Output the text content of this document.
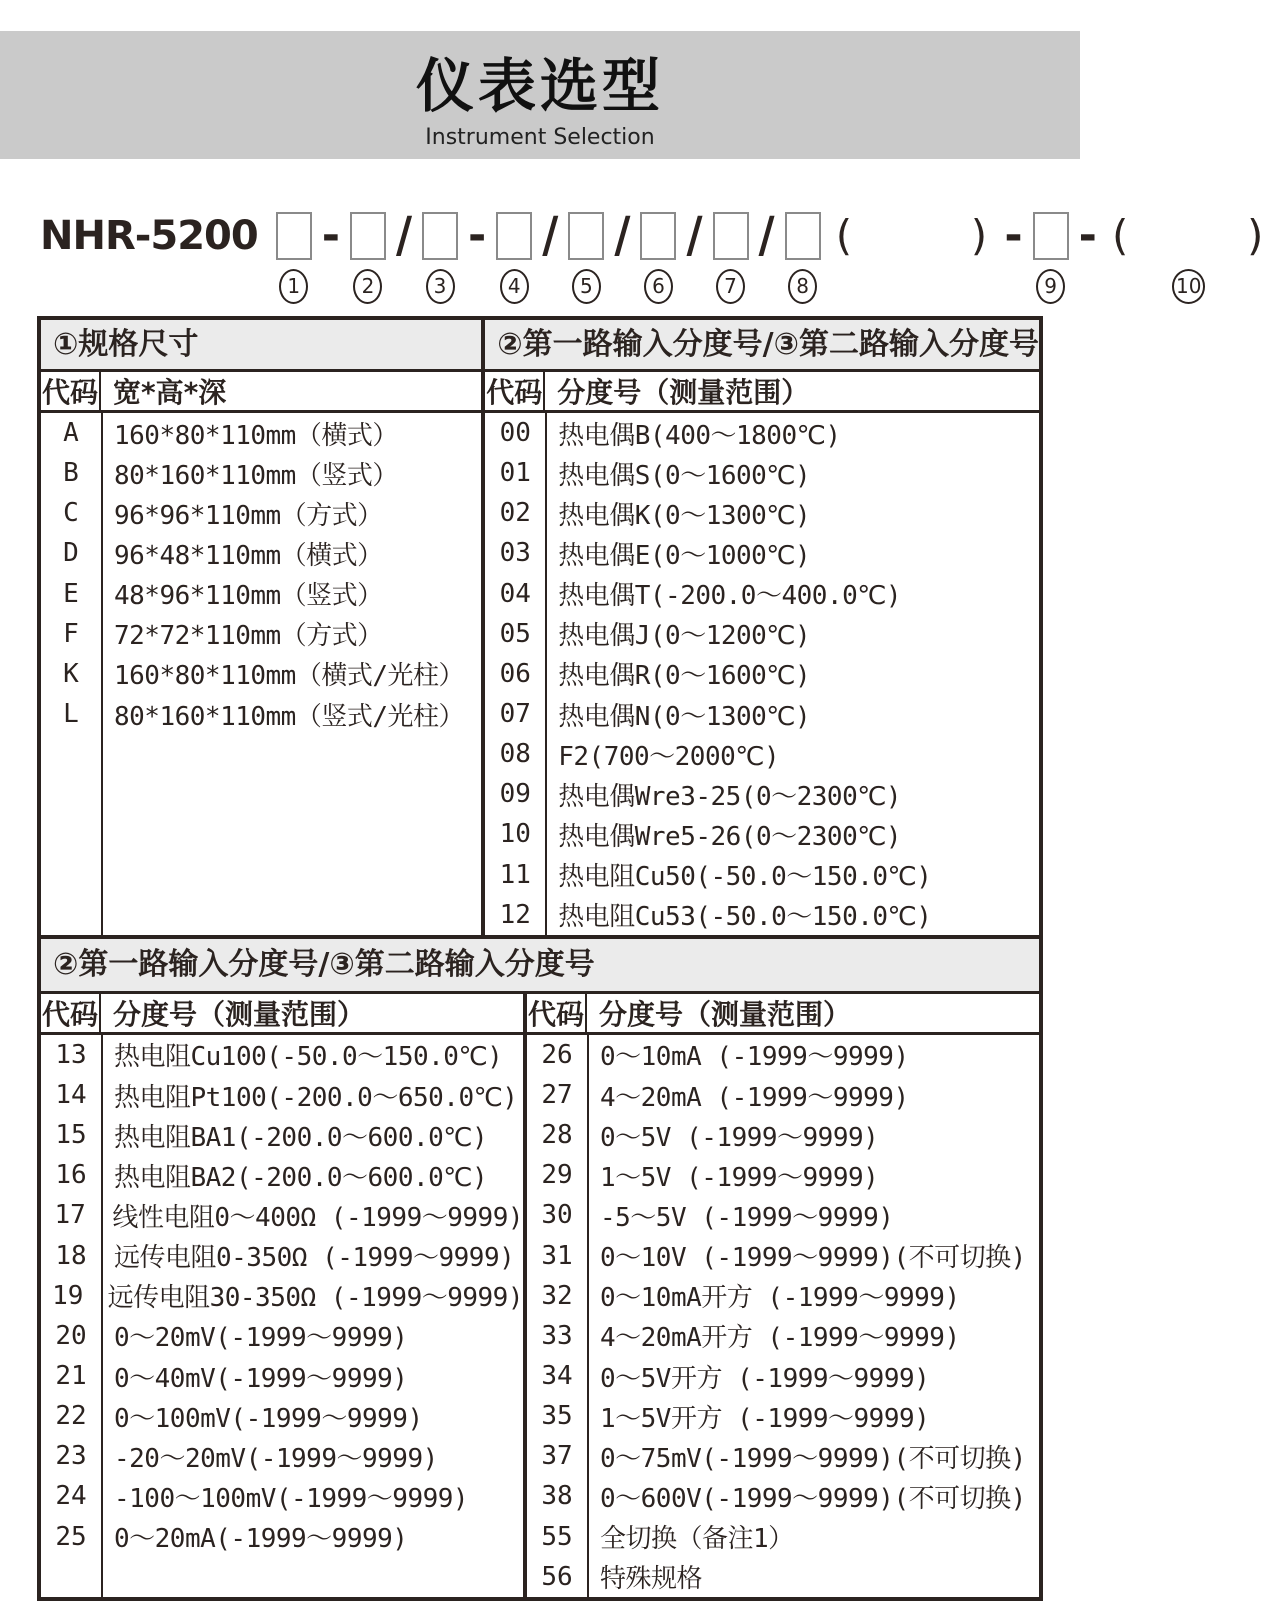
仪表选型
Instrument Selection
NHR-5200
1
-
2
/
3
-
4
/
5
/
6
/
7
/
8
(    ) -
9
- (    )
10
①规格尺寸
代码 宽*高*深
A	160*80*110mm（横式）
B	80*160*110mm（竖式）
C	96*96*110mm（方式）
D	96*48*110mm（横式）
E	48*96*110mm（竖式）
F	72*72*110mm（方式）
K	160*80*110mm（横式/光柱）
L	80*160*110mm（竖式/光柱）
②第一路输入分度号/③第二路输入分度号
代码 分度号（测量范围）
00	热电偶B(400～1800℃)
01	热电偶S(0～1600℃)
02	热电偶K(0～1300℃)
03	热电偶E(0～1000℃)
04	热电偶T(-200.0～400.0℃)
05	热电偶J(0～1200℃)
06	热电偶R(0～1600℃)
07	热电偶N(0～1300℃)
08	F2(700～2000℃)
09	热电偶Wre3-25(0～2300℃)
10	热电偶Wre5-26(0～2300℃)
11	热电阻Cu50(-50.0～150.0℃)
12	热电阻Cu53(-50.0～150.0℃)
②第一路输入分度号/③第二路输入分度号
代码 分度号（测量范围）
13	热电阻Cu100(-50.0～150.0℃)
14	热电阻Pt100(-200.0～650.0℃)
15	热电阻BA1(-200.0～600.0℃)
16	热电阻BA2(-200.0～600.0℃)
17	线性电阻0～400Ω (-1999～9999)
18	远传电阻0-350Ω (-1999～9999)
19 远传电阻30-350Ω (-1999～9999)
20	0～20mV(-1999～9999)
21	0～40mV(-1999～9999)
22	0～100mV(-1999～9999)
23	-20～20mV(-1999～9999)
24	-100～100mV(-1999～9999)
25	0～20mA(-1999～9999)
代码 分度号（测量范围）
26	0～10mA (-1999～9999)
27	4～20mA (-1999～9999)
28	0～5V (-1999～9999)
29	1～5V (-1999～9999)
30	-5～5V (-1999～9999)
31	0～10V (-1999～9999)(不可切换)
32	0～10mA开方 (-1999～9999)
33	4～20mA开方 (-1999～9999)
34	0～5V开方 (-1999～9999)
35	1～5V开方 (-1999～9999)
37	0～75mV(-1999～9999)(不可切换)
38	0～600V(-1999～9999)(不可切换)
55	全切换（备注1）
56	特殊规格
